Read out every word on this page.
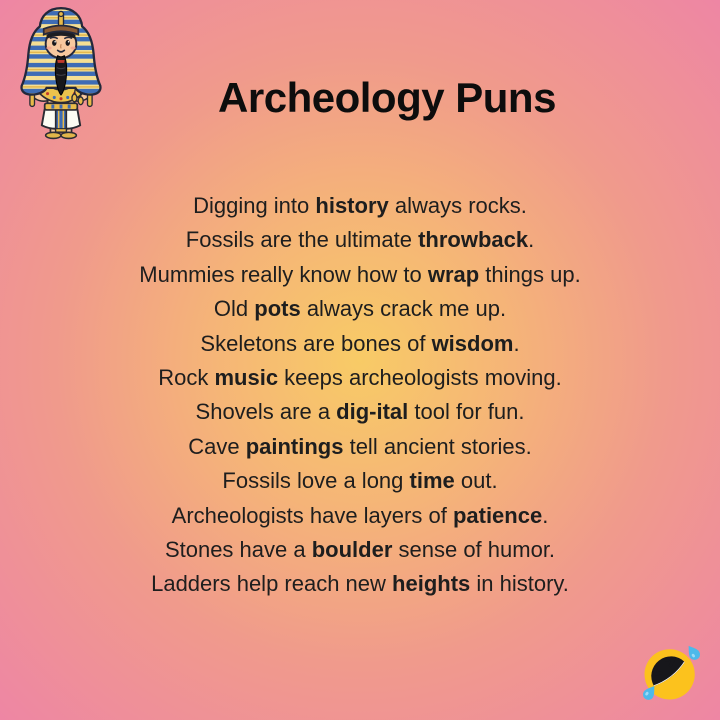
Archeology Puns
Digging into history always rocks.
Fossils are the ultimate throwback.
Mummies really know how to wrap things up.
Old pots always crack me up.
Skeletons are bones of wisdom.
Rock music keeps archeologists moving.
Shovels are a dig-ital tool for fun.
Cave paintings tell ancient stories.
Fossils love a long time out.
Archeologists have layers of patience.
Stones have a boulder sense of humor.
Ladders help reach new heights in history.
